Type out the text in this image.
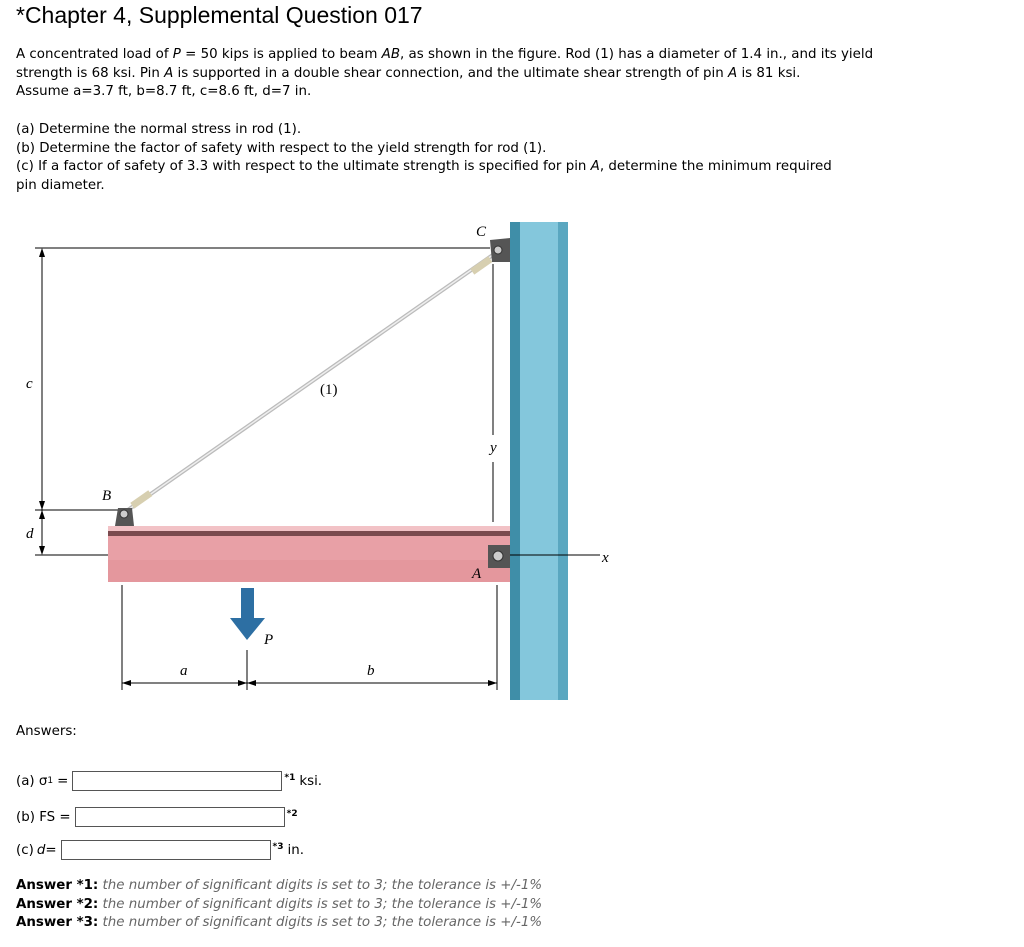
*Chapter 4, Supplemental Question 017
A concentrated load of P = 50 kips is applied to beam AB, as shown in the figure. Rod (1) has a diameter of 1.4 in., and its yield
strength is 68 ksi. Pin A is supported in a double shear connection, and the ultimate shear strength of pin A is 81 ksi.
Assume a=3.7 ft, b=8.7 ft, c=8.6 ft, d=7 in.
(a) Determine the normal stress in rod (1).
(b) Determine the factor of safety with respect to the yield strength for rod (1).
(c) If a factor of safety of 3.3 with respect to the ultimate strength is specified for pin A, determine the minimum required
pin diameter.
B
C
A
(1)
P
a	b
c
d
x
y
Answers:
(a) σ 1 =	*1 ksi.
(b) FS =	*2
(c) d =	*3 in.
Answer *1: the number of significant digits is set to 3; the tolerance is +/-1%
Answer *2: the number of significant digits is set to 3; the tolerance is +/-1%
Answer *3: the number of significant digits is set to 3; the tolerance is +/-1%
